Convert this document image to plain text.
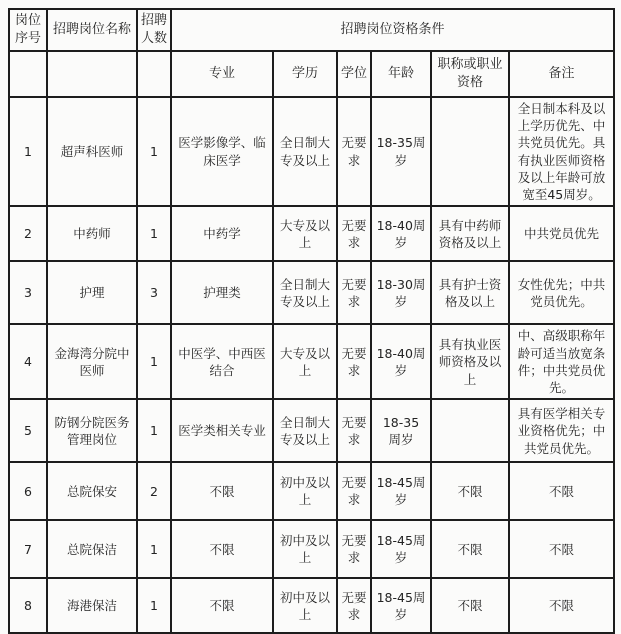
岗位序号	招聘岗位名称	招聘人数	招聘岗位资格条件					
			专业	学历	学位	年龄	职称或职业资格	备注
1	超声科医师	1	医学影像学、临床医学	全日制大专及以上	无要求	18-35周岁		全日制本科及以上学历优先、中共党员优先。具有执业医师资格及以上年龄可放宽至45周岁。
2	中药师	1	中药学	大专及以上	无要求	18-40周岁	具有中药师资格及以上	中共党员优先
3	护理	3	护理类	全日制大专及以上	无要求	18-30周岁	具有护士资格及以上	女性优先；中共党员优先。
4	金海湾分院中医师	1	中医学、中西医结合	大专及以上	无要求	18-40周岁	具有执业医师资格及以上	中、高级职称年龄可适当放宽条件；中共党员优先。
5	防钢分院医务管理岗位	1	医学类相关专业	全日制大专及以上	无要求	18-35 周岁		具有医学相关专业资格优先；中共党员优先。
6	总院保安	2	不限	初中及以上	无要求	18-45周岁	不限	不限
7	总院保洁	1	不限	初中及以上	无要求	18-45周岁	不限	不限
8	海港保洁	1	不限	初中及以上	无要求	18-45周岁	不限	不限
